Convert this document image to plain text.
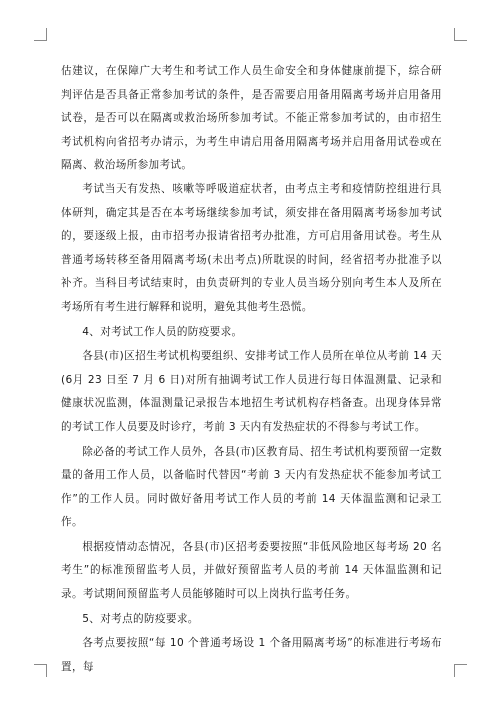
估建议，在保障广大考生和考试工作人员生命安全和身体健康前提下，综合研判评估是否具备正常参加考试的条件，是否需要启用备用隔离考场并启用备用试卷，是否可以在隔离或救治场所参加考试。不能正常参加考试的，由市招生考试机构向省招考办请示，为考生申请启用备用隔离考场并启用备用试卷或在隔离、救治场所参加考试。

考试当天有发热、咳嗽等呼吸道症状者，由考点主考和疫情防控组进行具体研判，确定其是否在本考场继续参加考试，须安排在备用隔离考场参加考试的，要逐级上报，由市招考办报请省招考办批准，方可启用备用试卷。考生从普通考场转移至备用隔离考场(未出考点)所耽误的时间，经省招考办批准予以补齐。当科目考试结束时，由负责研判的专业人员当场分别向考生本人及所在考场所有考生进行解释和说明，避免其他考生恐慌。

4、对考试工作人员的防疫要求。

各县(市)区招生考试机构要组织、安排考试工作人员所在单位从考前 14 天(6月 23 日至 7 月 6 日)对所有抽调考试工作人员进行每日体温测量、记录和健康状况监测，体温测量记录报告本地招生考试机构存档备查。出现身体异常的考试工作人员要及时诊疗，考前 3 天内有发热症状的不得参与考试工作。

除必备的考试工作人员外，各县(市)区教育局、招生考试机构要预留一定数量的备用工作人员，以备临时代替因“考前 3 天内有发热症状不能参加考试工作”的工作人员。同时做好备用考试工作人员的考前 14 天体温监测和记录工作。

根据疫情动态情况，各县(市)区招考委要按照“非低风险地区每考场 20 名考生”的标准预留监考人员，并做好预留监考人员的考前 14 天体温监测和记录。考试期间预留监考人员能够随时可以上岗执行监考任务。

5、对考点的防疫要求。

各考点要按照“每 10 个普通考场设 1 个备用隔离考场”的标准进行考场布置，每
